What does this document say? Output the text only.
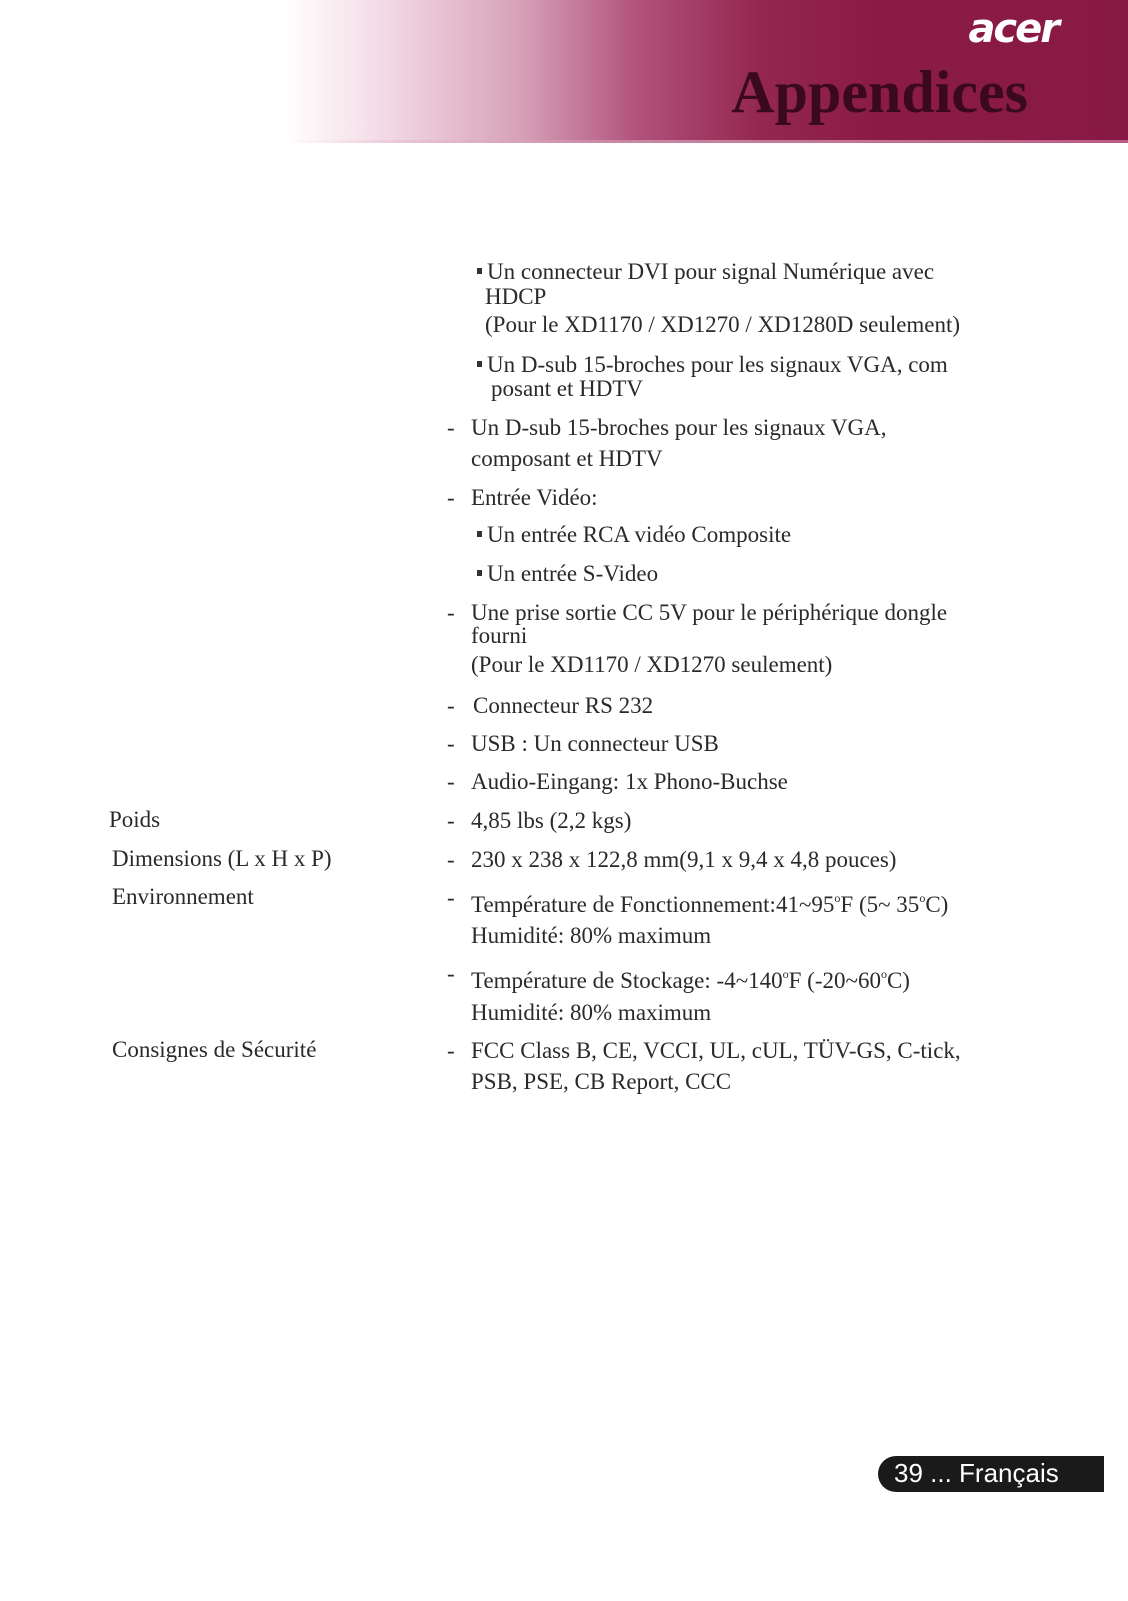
acer
Appendices
Un connecteur DVI pour signal Numérique avec
HDCP
(Pour le XD1170 / XD1270 / XD1280D seulement)
Un D-sub 15-broches pour les signaux VGA, com
posant et HDTV
- Un D-sub 15-broches pour les signaux VGA,
composant et HDTV
- Entrée Vidéo:
Un entrée RCA vidéo Composite
Un entrée S-Video
- Une prise sortie CC 5V pour le périphérique dongle
fourni
(Pour le XD1170 / XD1270 seulement)
- Connecteur RS 232
- USB : Un connecteur USB
- Audio-Eingang: 1x Phono-Buchse
Poids	- 4,85 lbs (2,2 kgs)
Dimensions (L x H x P)	- 230 x 238 x 122,8 mm(9,1 x 9,4 x 4,8 pouces)
Environnement	- Température de Fonctionnement:41~95$^o$F (5~ 35$^o$C)
Humidité: 80% maximum
- Température de Stockage: -4~140$^o$F (-20~60$^o$C)
Humidité: 80% maximum
Consignes de Sécurité	- FCC Class B, CE, VCCI, UL, cUL, TÜV-GS, C-tick,
PSB, PSE, CB Report, CCC
39 ... Français
